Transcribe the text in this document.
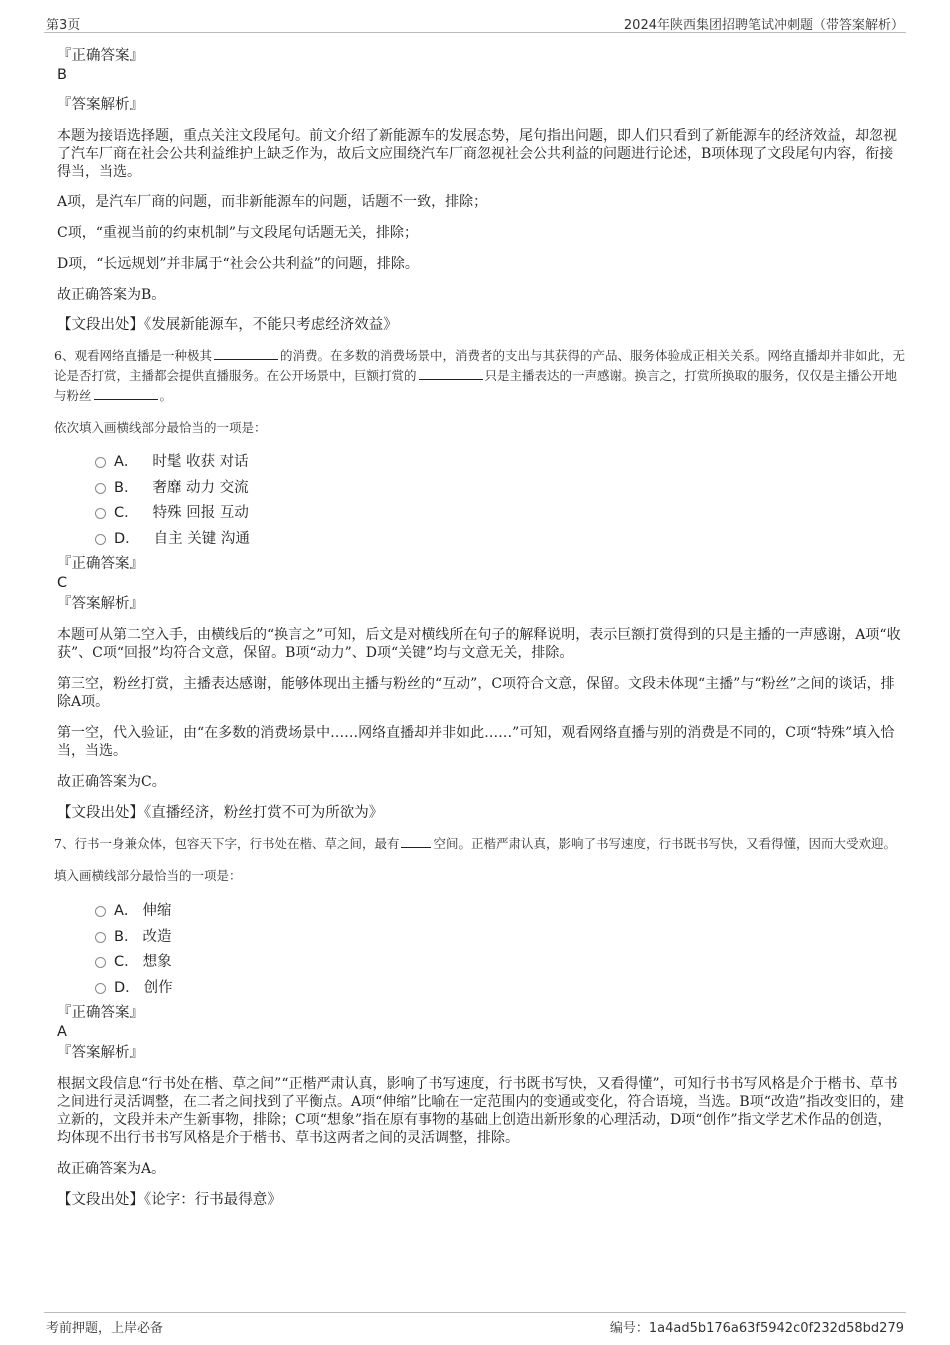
第3页	2024年陕西集团招聘笔试冲刺题（带答案解析）

『正确答案』

B

『答案解析』

本题为接语选择题，重点关注文段尾句。前文介绍了新能源车的发展态势，尾句指出问题，即人们只看到了新能源车的经济效益，却忽视了汽车厂商在社会公共利益维护上缺乏作为，故后文应围绕汽车厂商忽视社会公共利益的问题进行论述，B项体现了文段尾句内容，衔接得当，当选。

A项，是汽车厂商的问题，而非新能源车的问题，话题不一致，排除；

C项，“重视当前的约束机制”与文段尾句话题无关，排除；

D项，“长远规划”并非属于“社会公共利益”的问题，排除。

故正确答案为B。

【文段出处】《发展新能源车，不能只考虑经济效益》

6、观看网络直播是一种极其	的消费。在多数的消费场景中，消费者的支出与其获得的产品、服务体验成正相关关系。网络直播却并非如此，无论是否打赏，主播都会提供直播服务。在公开场景中，巨额打赏的	只是主播表达的一声感谢。换言之，打赏所换取的服务，仅仅是主播公开地与粉丝	。

依次填入画横线部分最恰当的一项是：

A． 时髦 收获 对话
B． 奢靡 动力 交流
C． 特殊 回报 互动
D． 自主 关键 沟通

『正确答案』

C

『答案解析』

本题可从第二空入手，由横线后的“换言之”可知，后文是对横线所在句子的解释说明，表示巨额打赏得到的只是主播的一声感谢，A项“收获”、C项“回报”均符合文意，保留。B项“动力”、D项“关键”均与文意无关，排除。

第三空，粉丝打赏，主播表达感谢，能够体现出主播与粉丝的“互动”，C项符合文意，保留。文段未体现“主播”与“粉丝”之间的谈话，排除A项。

第一空，代入验证，由“在多数的消费场景中……网络直播却并非如此……”可知，观看网络直播与别的消费是不同的，C项“特殊”填入恰当，当选。

故正确答案为C。

【文段出处】《直播经济，粉丝打赏不可为所欲为》

7、行书一身兼众体，包容天下字，行书处在楷、草之间，最有	空间。正楷严肃认真，影响了书写速度，行书既书写快，又看得懂，因而大受欢迎。

填入画横线部分最恰当的一项是：

A． 伸缩
B． 改造
C． 想象
D． 创作

『正确答案』

A

『答案解析』

根据文段信息“行书处在楷、草之间”“正楷严肃认真，影响了书写速度，行书既书写快，又看得懂”，可知行书书写风格是介于楷书、草书之间进行灵活调整，在二者之间找到了平衡点。A项“伸缩”比喻在一定范围内的变通或变化，符合语境，当选。B项“改造”指改变旧的，建立新的，文段并未产生新事物，排除；C项“想象”指在原有事物的基础上创造出新形象的心理活动，D项“创作”指文学艺术作品的创造，均体现不出行书书写风格是介于楷书、草书这两者之间的灵活调整，排除。

故正确答案为A。

【文段出处】《论字：行书最得意》

考前押题，上岸必备	编号：1a4ad5b176a63f5942c0f232d58bd279
